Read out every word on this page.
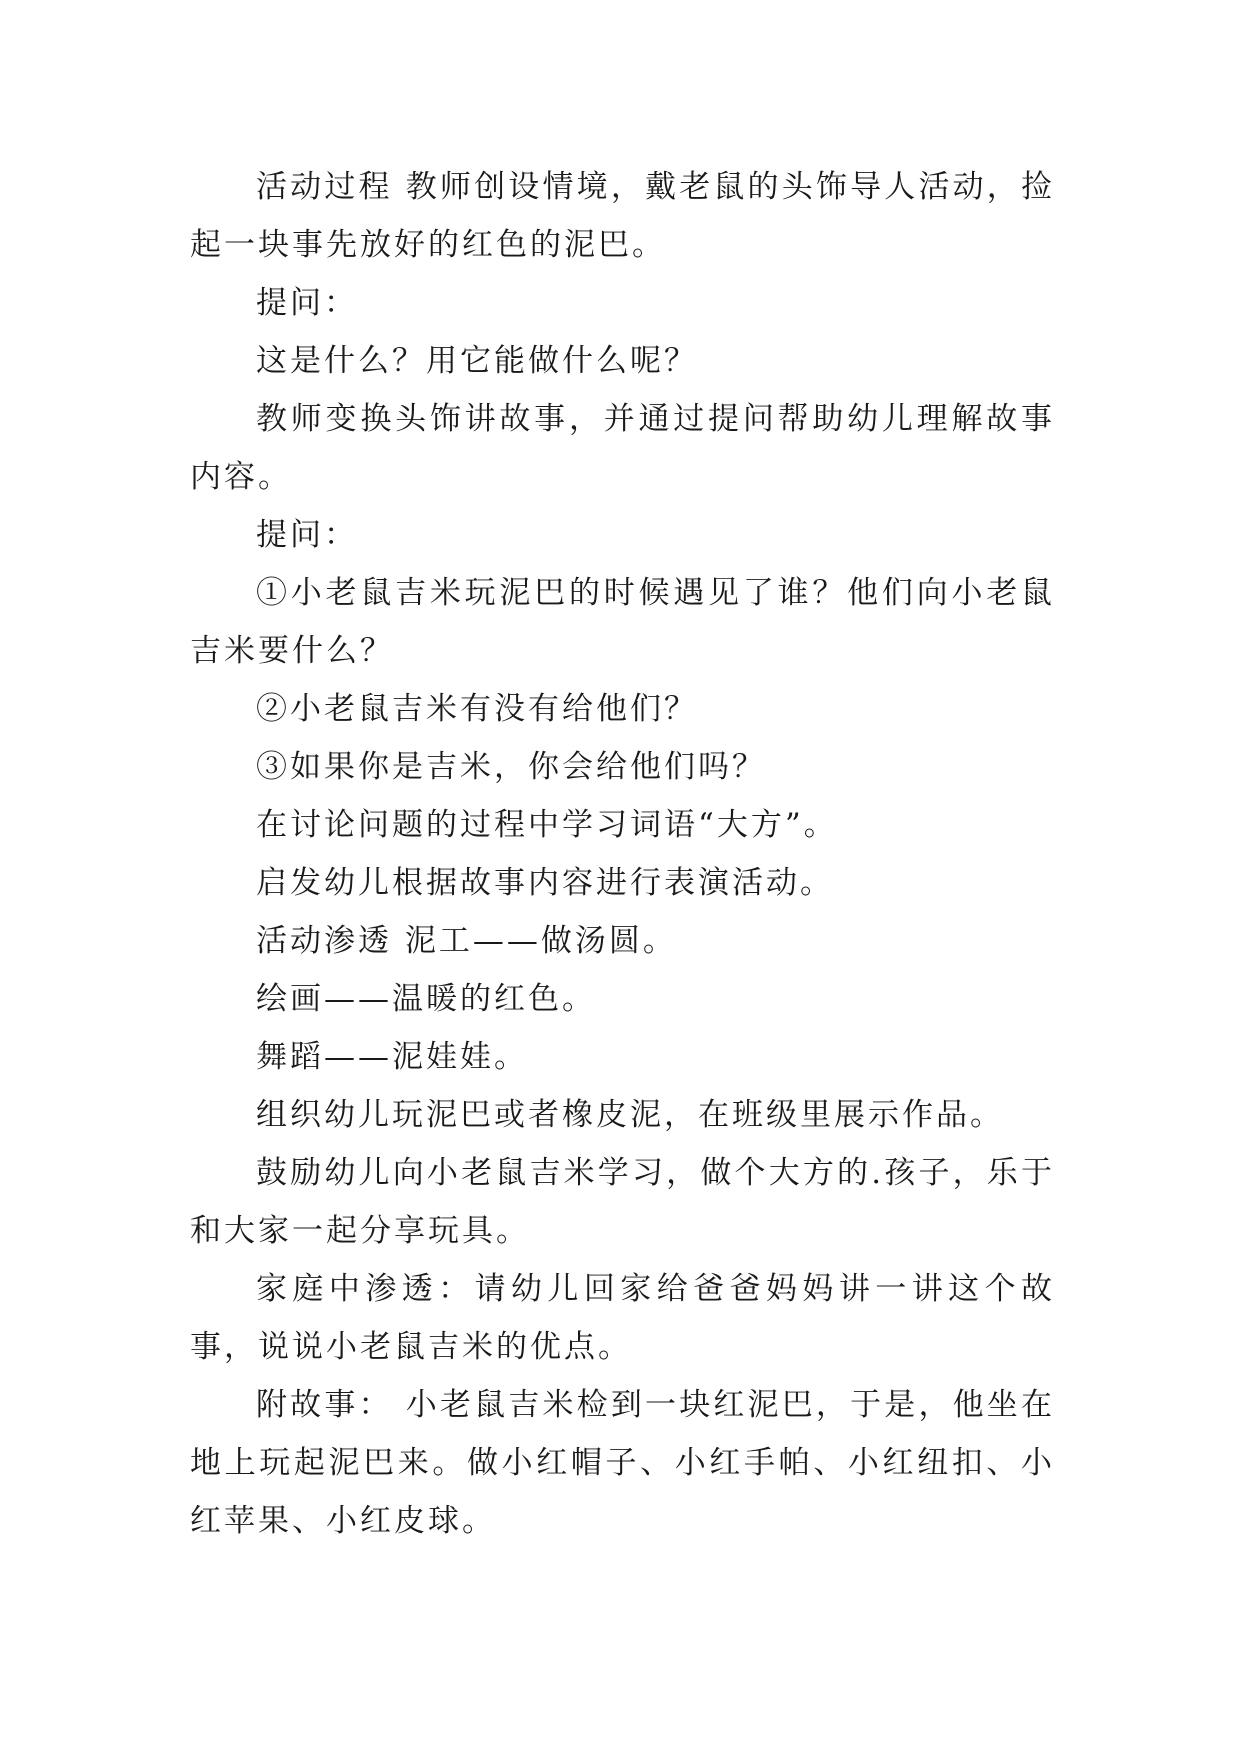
活动过程 教师创设情境，戴老鼠的头饰导人活动，捡起一块事先放好的红色的泥巴。

提问：

这是什么？用它能做什么呢？

教师变换头饰讲故事，并通过提问帮助幼儿理解故事内容。

提问：

①小老鼠吉米玩泥巴的时候遇见了谁？他们向小老鼠吉米要什么？

②小老鼠吉米有没有给他们？

③如果你是吉米，你会给他们吗？

在讨论问题的过程中学习词语“大方”。

启发幼儿根据故事内容进行表演活动。

活动渗透 泥工——做汤圆。

绘画——温暖的红色。

舞蹈——泥娃娃。

组织幼儿玩泥巴或者橡皮泥，在班级里展示作品。

鼓励幼儿向小老鼠吉米学习，做个大方的.孩子，乐于和大家一起分享玩具。

家庭中渗透：请幼儿回家给爸爸妈妈讲一讲这个故事，说说小老鼠吉米的优点。

附故事： 小老鼠吉米检到一块红泥巴，于是，他坐在地上玩起泥巴来。做小红帽子、小红手帕、小红纽扣、小红苹果、小红皮球。
